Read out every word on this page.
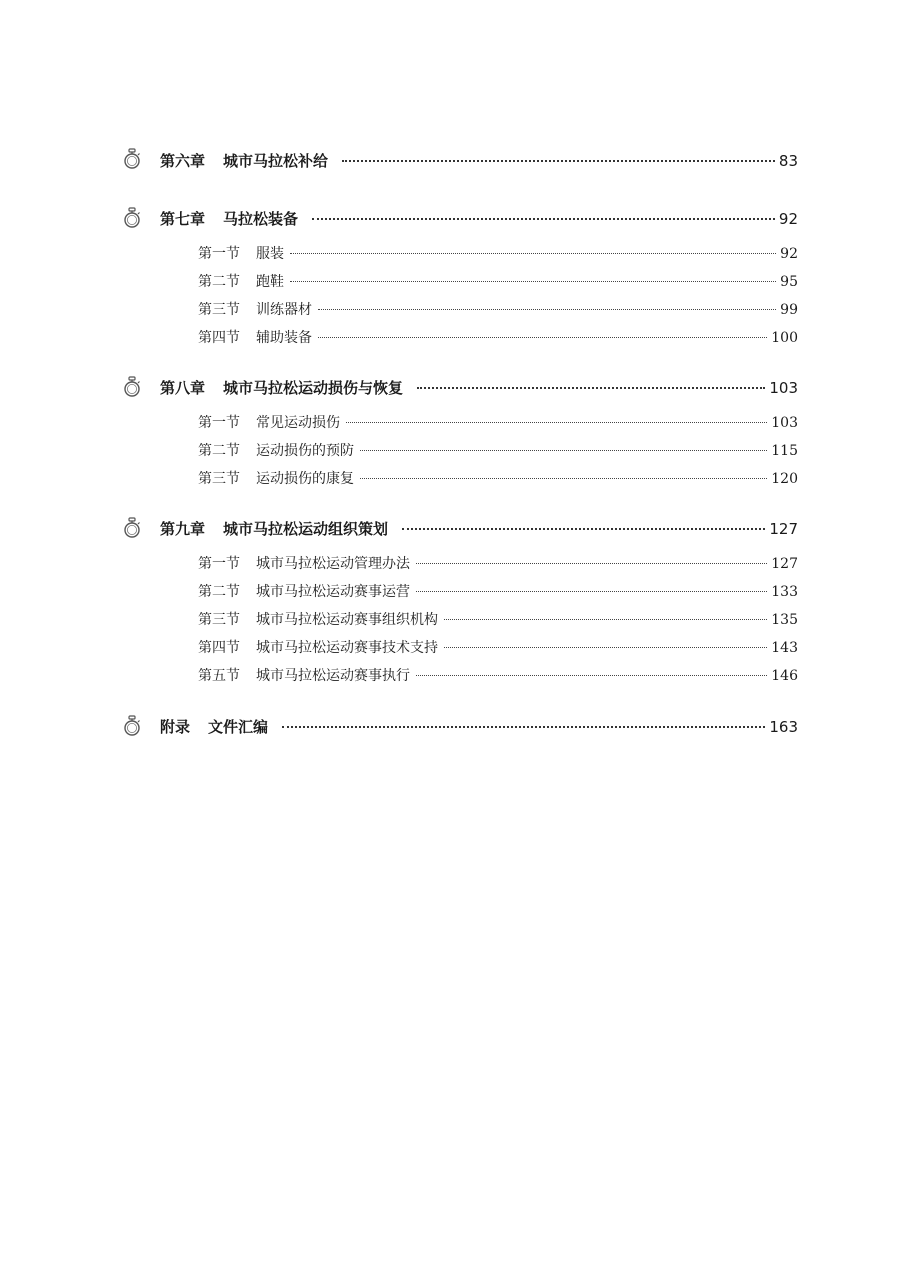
第六章 城市马拉松补给	83
第七章 马拉松装备	92
第一节 服装	92
第二节 跑鞋	95
第三节 训练器材	99
第四节 辅助装备	100
第八章 城市马拉松运动损伤与恢复	103
第一节 常见运动损伤	103
第二节 运动损伤的预防	115
第三节 运动损伤的康复	120
第九章 城市马拉松运动组织策划	127
第一节 城市马拉松运动管理办法	127
第二节 城市马拉松运动赛事运营	133
第三节 城市马拉松运动赛事组织机构	135
第四节 城市马拉松运动赛事技术支持	143
第五节 城市马拉松运动赛事执行	146
附录 文件汇编	163
